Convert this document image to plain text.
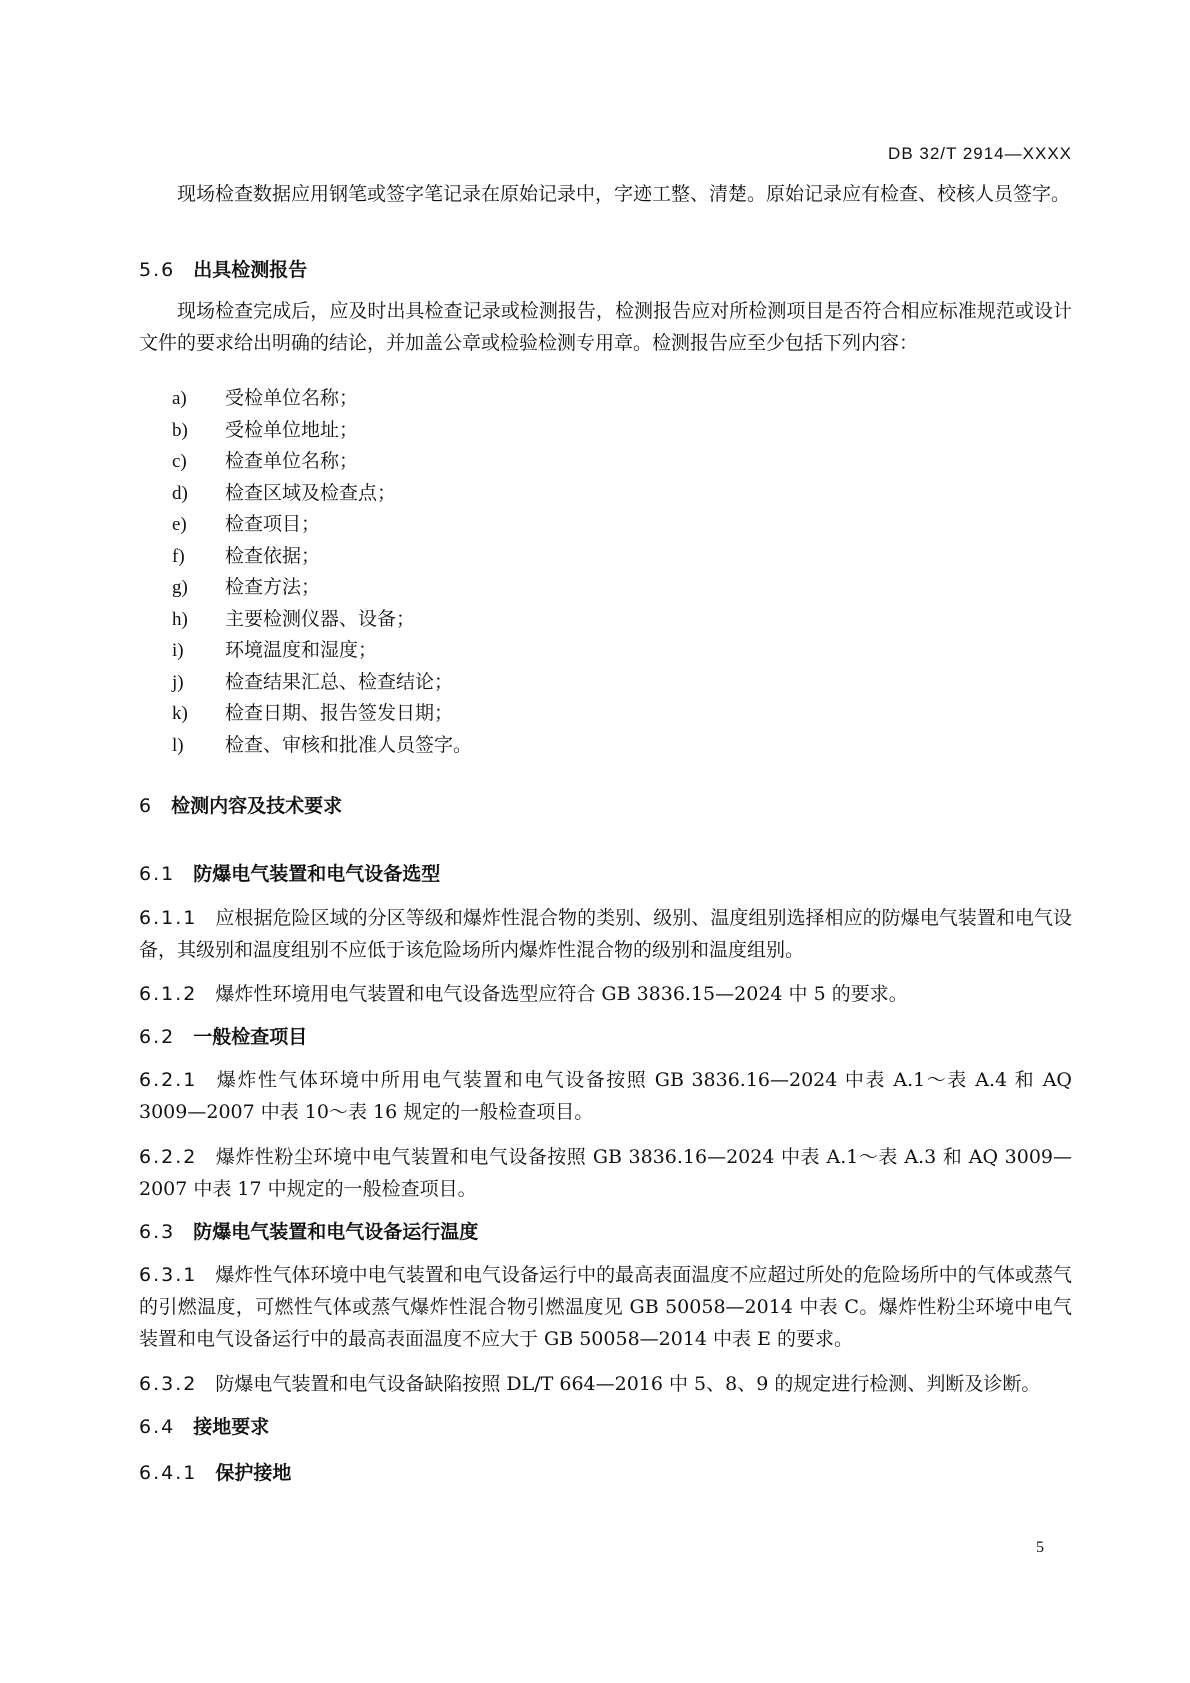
DB 32/T 2914—XXXX
现场检查数据应用钢笔或签字笔记录在原始记录中，字迹工整、清楚。原始记录应有检查、校核人员签字。
5.6 出具检测报告
现场检查完成后，应及时出具检查记录或检测报告，检测报告应对所检测项目是否符合相应标准规范或设计文件的要求给出明确的结论，并加盖公章或检验检测专用章。检测报告应至少包括下列内容：
a) 受检单位名称；
b) 受检单位地址；
c) 检查单位名称；
d) 检查区域及检查点；
e) 检查项目；
f) 检查依据；
g) 检查方法；
h) 主要检测仪器、设备；
i) 环境温度和湿度；
j) 检查结果汇总、检查结论；
k) 检查日期、报告签发日期；
l) 检查、审核和批准人员签字。
6 检测内容及技术要求
6.1 防爆电气装置和电气设备选型
6.1.1 应根据危险区域的分区等级和爆炸性混合物的类别、级别、温度组别选择相应的防爆电气装置和电气设备，其级别和温度组别不应低于该危险场所内爆炸性混合物的级别和温度组别。
6.1.2 爆炸性环境用电气装置和电气设备选型应符合 GB 3836.15—2024 中 5 的要求。
6.2 一般检查项目
6.2.1 爆炸性气体环境中所用电气装置和电气设备按照 GB 3836.16—2024 中表 A.1～表 A.4 和 AQ 3009—2007 中表 10～表 16 规定的一般检查项目。
6.2.2 爆炸性粉尘环境中电气装置和电气设备按照 GB 3836.16—2024 中表 A.1～表 A.3 和 AQ 3009—2007 中表 17 中规定的一般检查项目。
6.3 防爆电气装置和电气设备运行温度
6.3.1 爆炸性气体环境中电气装置和电气设备运行中的最高表面温度不应超过所处的危险场所中的气体或蒸气的引燃温度，可燃性气体或蒸气爆炸性混合物引燃温度见 GB 50058—2014 中表 C。爆炸性粉尘环境中电气装置和电气设备运行中的最高表面温度不应大于 GB 50058—2014 中表 E 的要求。
6.3.2 防爆电气装置和电气设备缺陷按照 DL/T 664—2016 中 5、8、9 的规定进行检测、判断及诊断。
6.4 接地要求
6.4.1 保护接地
5
